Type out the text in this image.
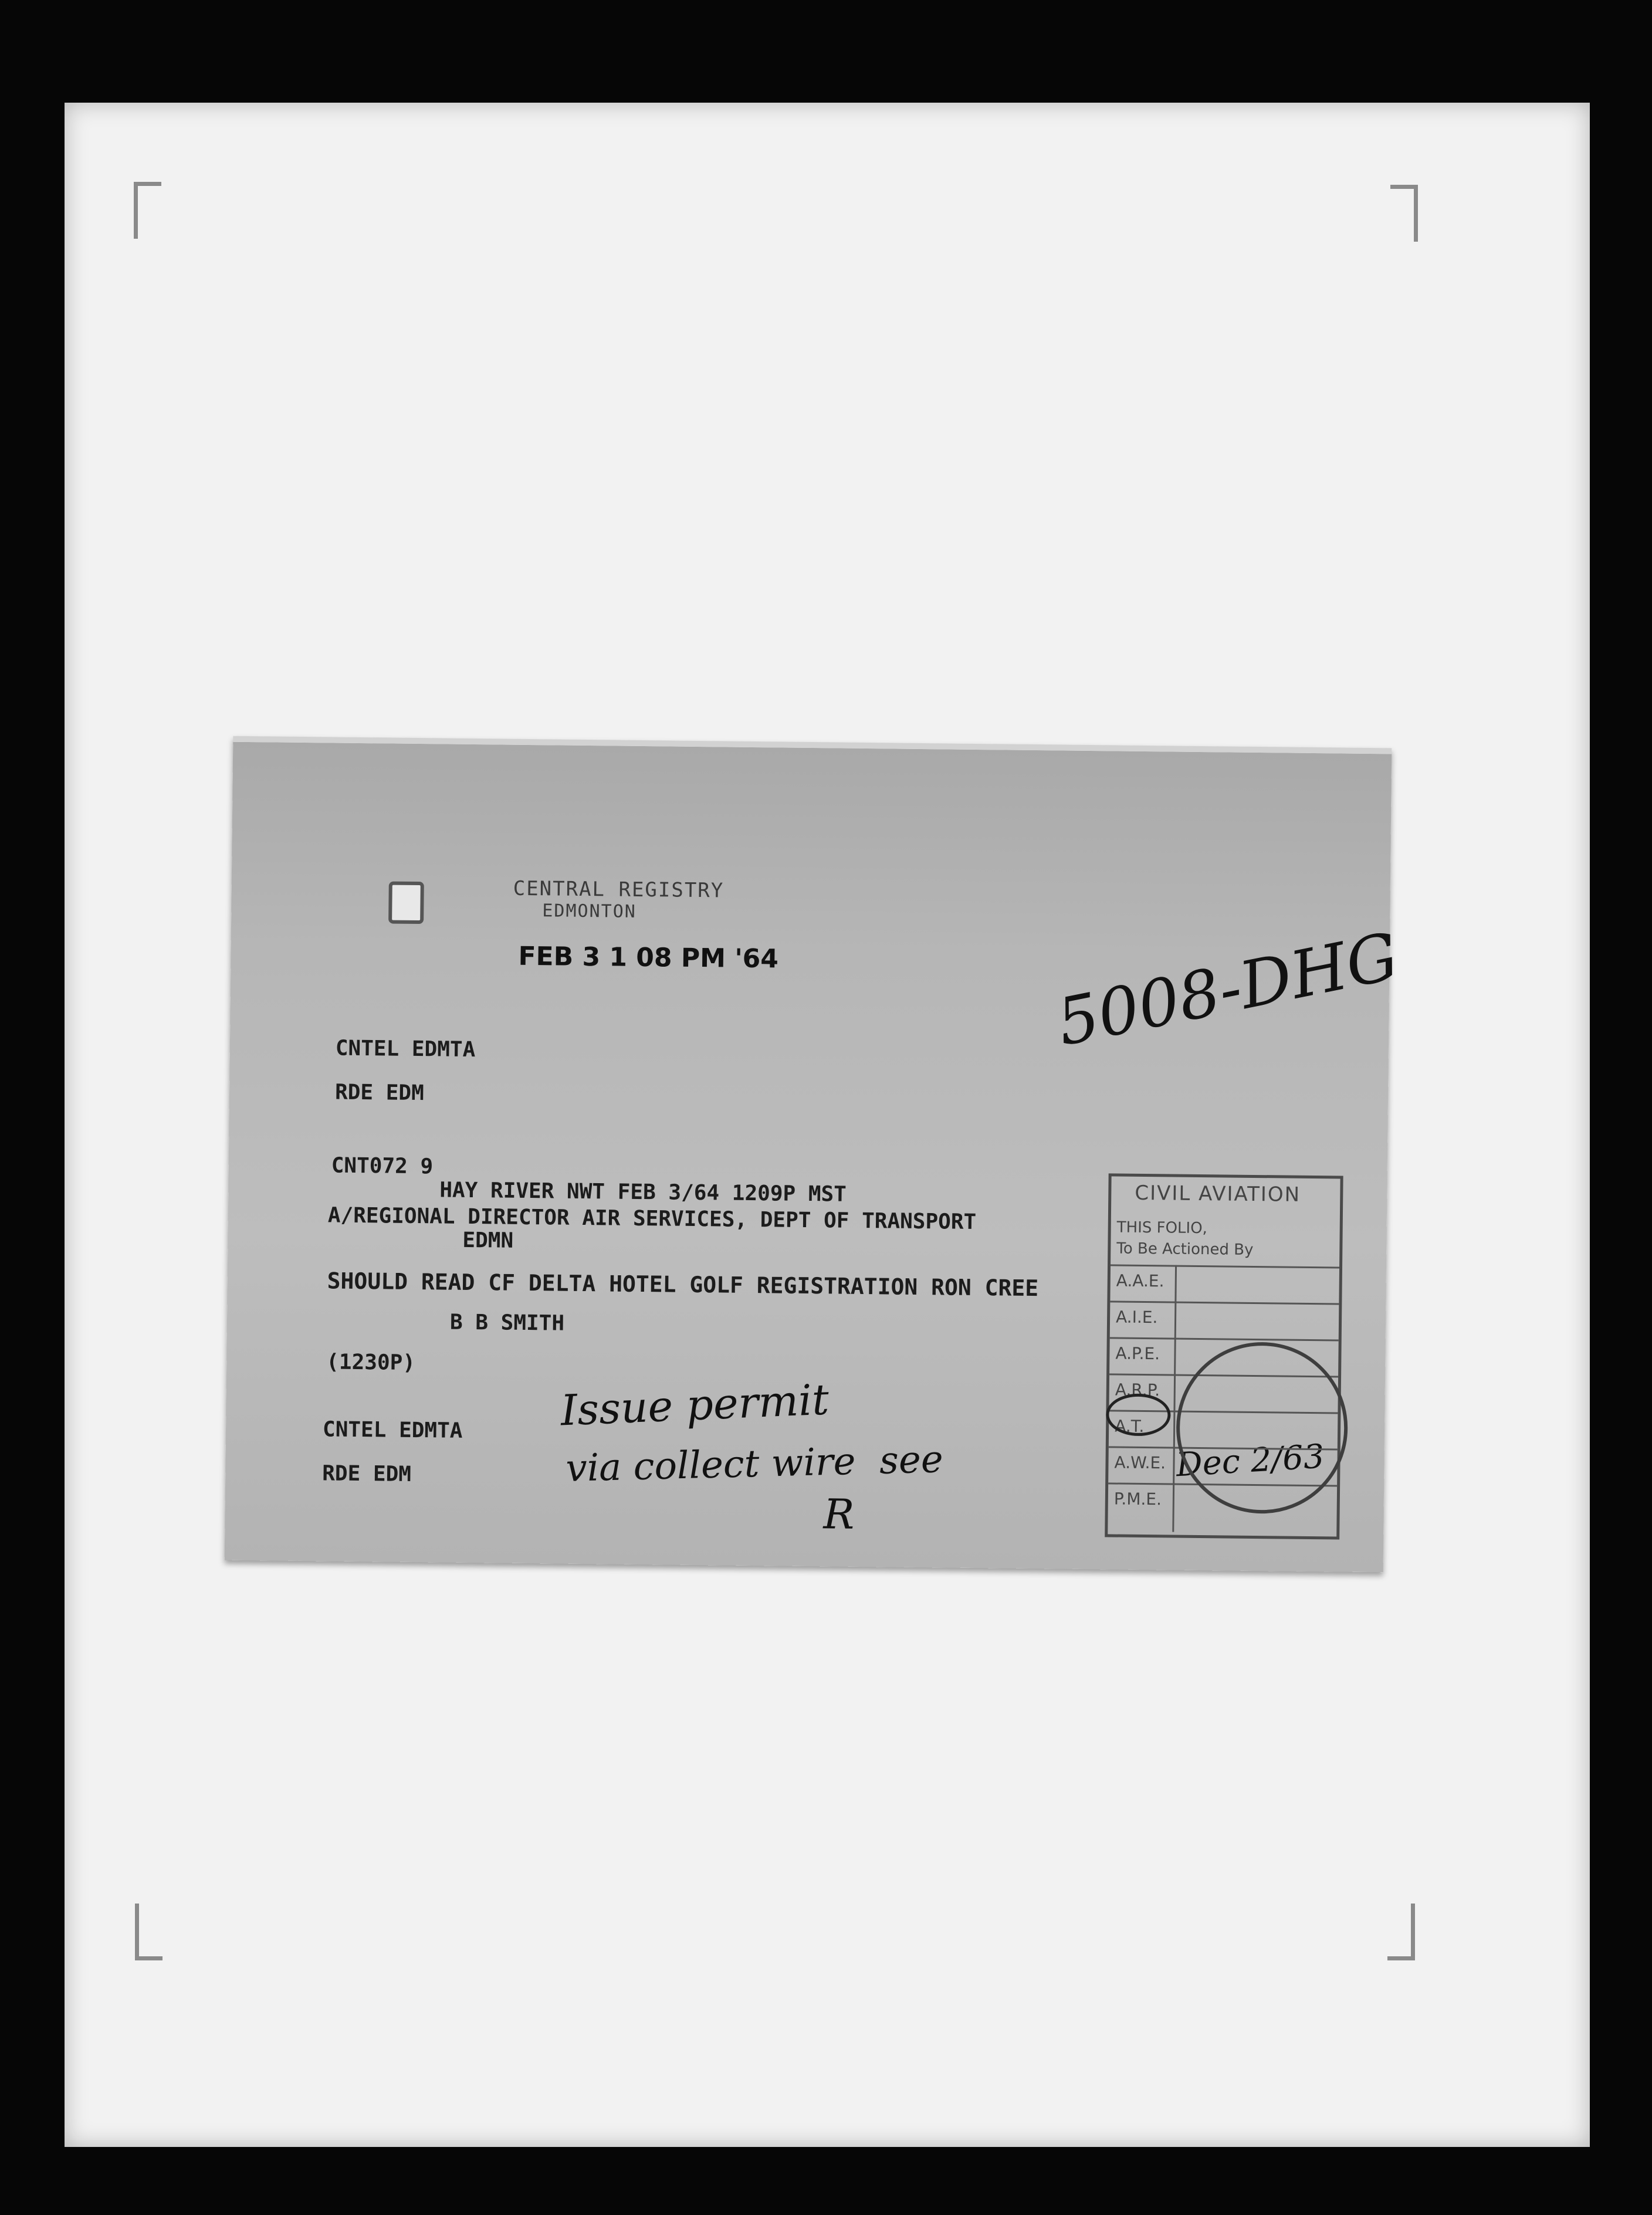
CENTRAL REGISTRY
EDMONTON
FEB 3 1 08 PM '64	5008-DHG
CNTEL EDMTA
RDE EDM
CNT072 9
HAY RIVER NWT FEB 3/64 1209P MST
A/REGIONAL DIRECTOR AIR SERVICES, DEPT OF TRANSPORT
EDMN
SHOULD READ CF DELTA HOTEL GOLF REGISTRATION RON CREE
B B SMITH
(1230P)
CNTEL EDMTA
RDE EDM
Issue permit
via collect wire  see	Dec 2/63
R
CIVIL AVIATION
THIS FOLIO,
To Be Actioned By
A.A.E.
A.I.E.
A.P.E.
A.R.P.
A.T.
A.W.E.
P.M.E.
